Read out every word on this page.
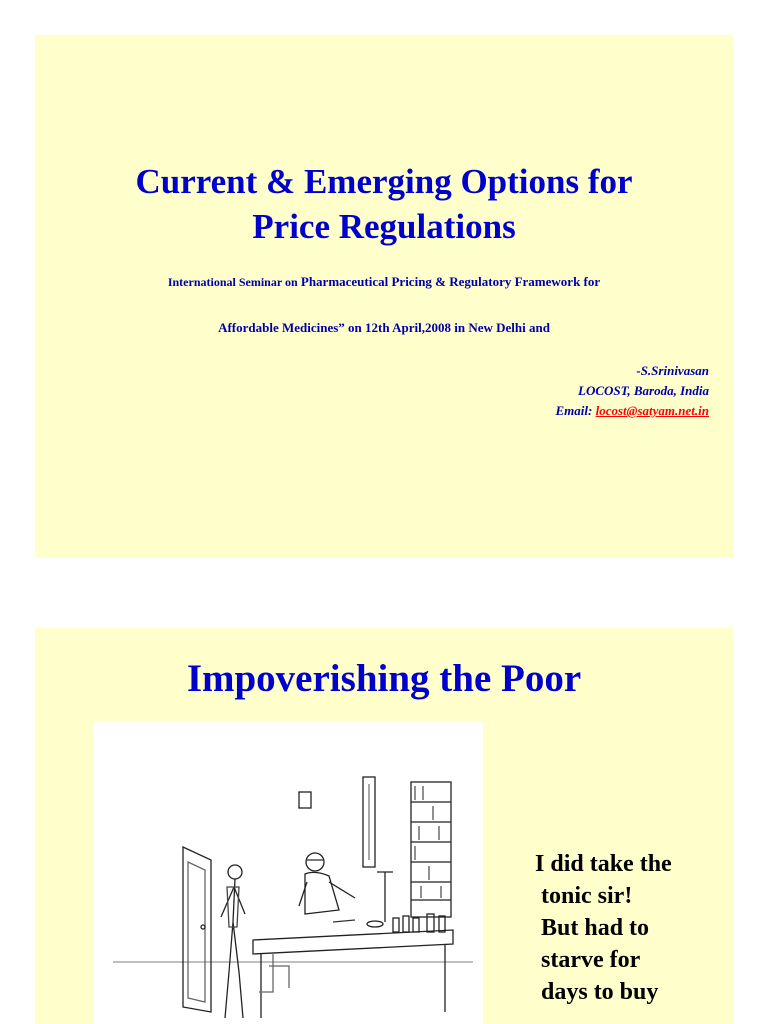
Current & Emerging Options for
Price Regulations
International Seminar on Pharmaceutical Pricing & Regulatory Framework for
Affordable Medicines” on 12th April,2008 in New Delhi and
-S.Srinivasan
LOCOST, Baroda, India
Email: locost@satyam.net.in
Impoverishing the Poor
I did take the
tonic sir!
But had to
starve for
days to buy
